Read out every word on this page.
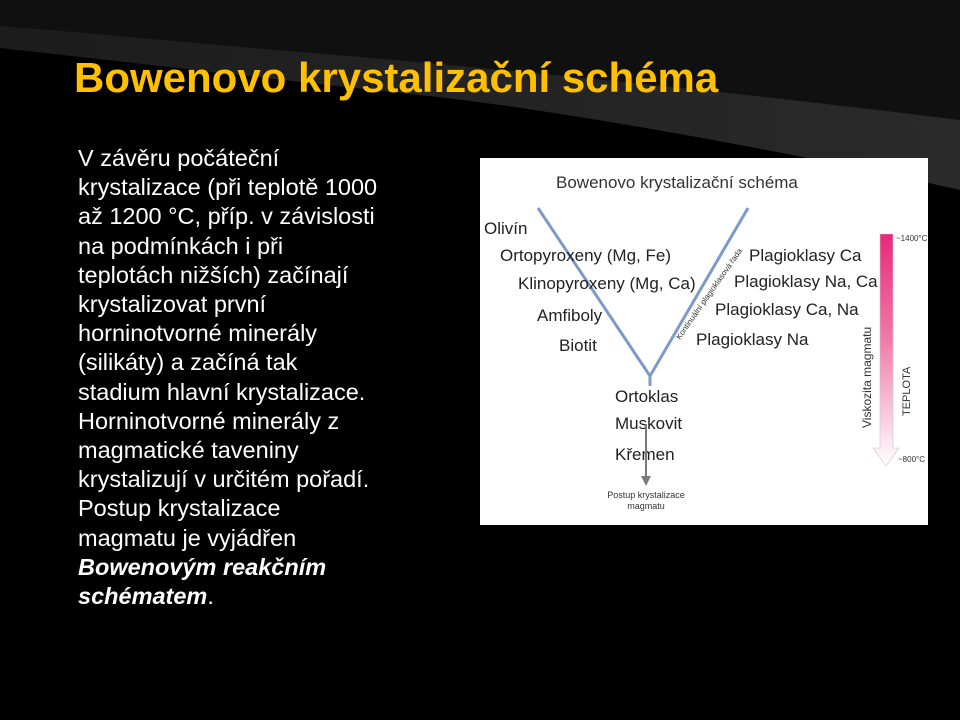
Bowenovo krystalizační schéma
V závěru počáteční
krystalizace (při teplotě 1000
až 1200 °C, příp. v závislosti
na podmínkách i při
teplotách nižších) začínají
krystalizovat první
horninotvorné minerály
(silikáty) a začíná tak
stadium hlavní krystalizace.
Horninotvorné minerály z
magmatické taveniny
krystalizují v určitém pořadí.
Postup krystalizace
magmatu je vyjádřen
Bowenovým reakčním
schématem.
Bowenovo krystalizační schéma
Olivín
Ortopyroxeny (Mg, Fe)
Klinopyroxeny (Mg, Ca)
Amfiboly
Biotit
Plagioklasy Ca
Plagioklasy Na, Ca
Plagioklasy Ca, Na
Plagioklasy Na
Kontinuální plagioklasová řada
Ortoklas
Muskovit
Křemen
Postup krystalizace
magmatu
~1400°C
~800°C
Viskozita magmatu TEPLOTA
